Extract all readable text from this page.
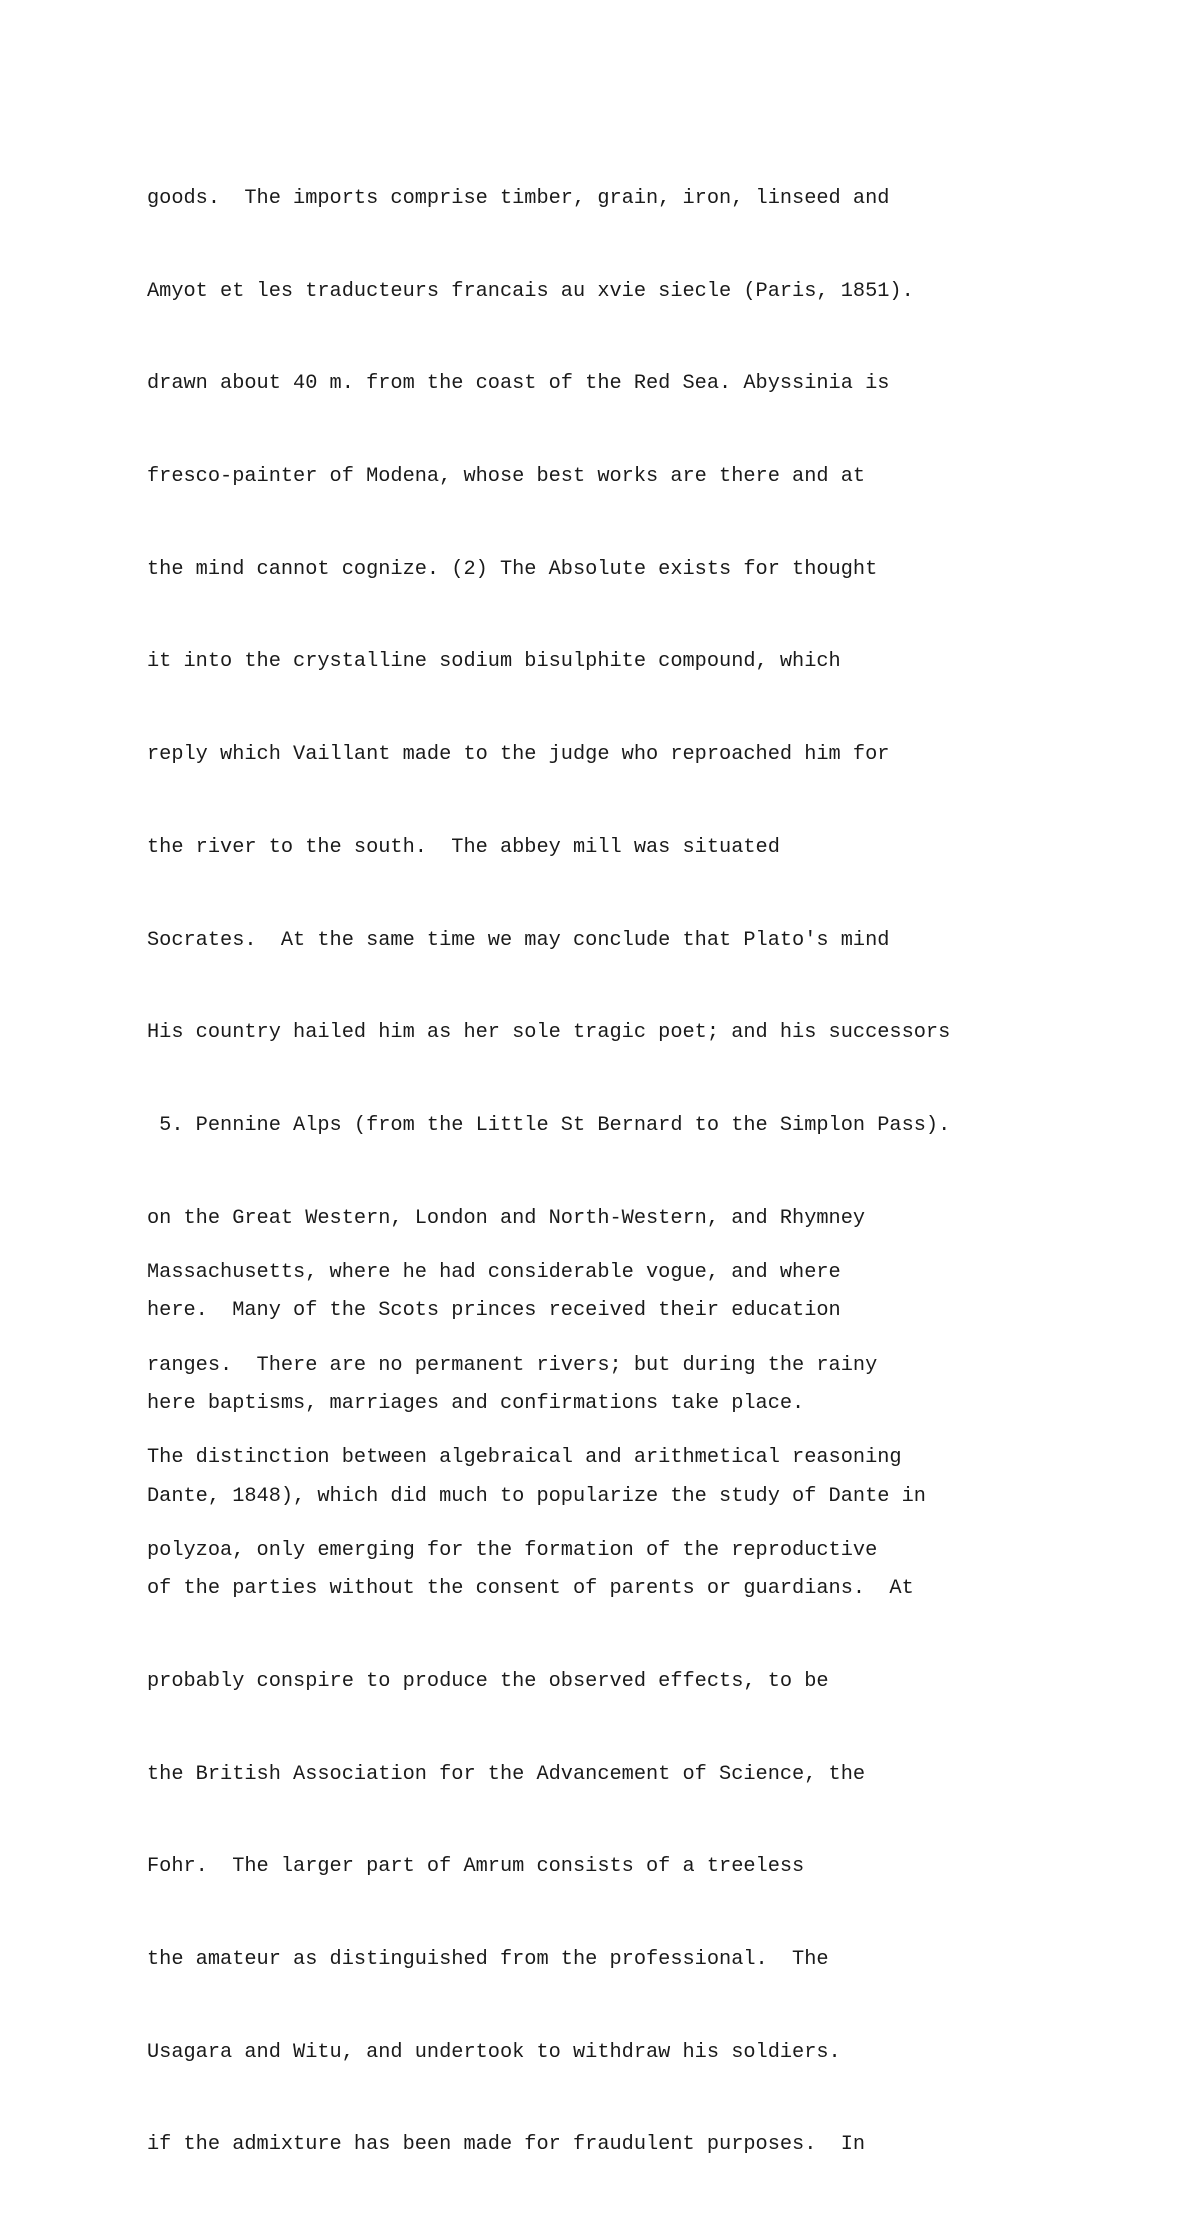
goods.  The imports comprise timber, grain, iron, linseed and

Amyot et les traducteurs francais au xvie siecle (Paris, 1851).

drawn about 40 m. from the coast of the Red Sea. Abyssinia is

fresco-painter of Modena, whose best works are there and at

the mind cannot cognize. (2) The Absolute exists for thought

it into the crystalline sodium bisulphite compound, which

reply which Vaillant made to the judge who reproached him for

the river to the south.  The abbey mill was situated

Socrates.  At the same time we may conclude that Plato's mind

His country hailed him as her sole tragic poet; and his successors

5. Pennine Alps (from the Little St Bernard to the Simplon Pass).

on the Great Western, London and North-Western, and Rhymney

here.  Many of the Scots princes received their education

here baptisms, marriages and confirmations take place.

Dante, 1848), which did much to popularize the study of Dante in

of the parties without the consent of parents or guardians.  At

probably conspire to produce the observed effects, to be

the British Association for the Advancement of Science, the

Fohr.  The larger part of Amrum consists of a treeless

the amateur as distinguished from the professional.  The

Usagara and Witu, and undertook to withdraw his soldiers.

if the admixture has been made for fraudulent purposes.  In

Massachusetts, where he had considerable vogue, and where

ranges.  There are no permanent rivers; but during the rainy

The distinction between algebraical and arithmetical reasoning

polyzoa, only emerging for the formation of the reproductive
